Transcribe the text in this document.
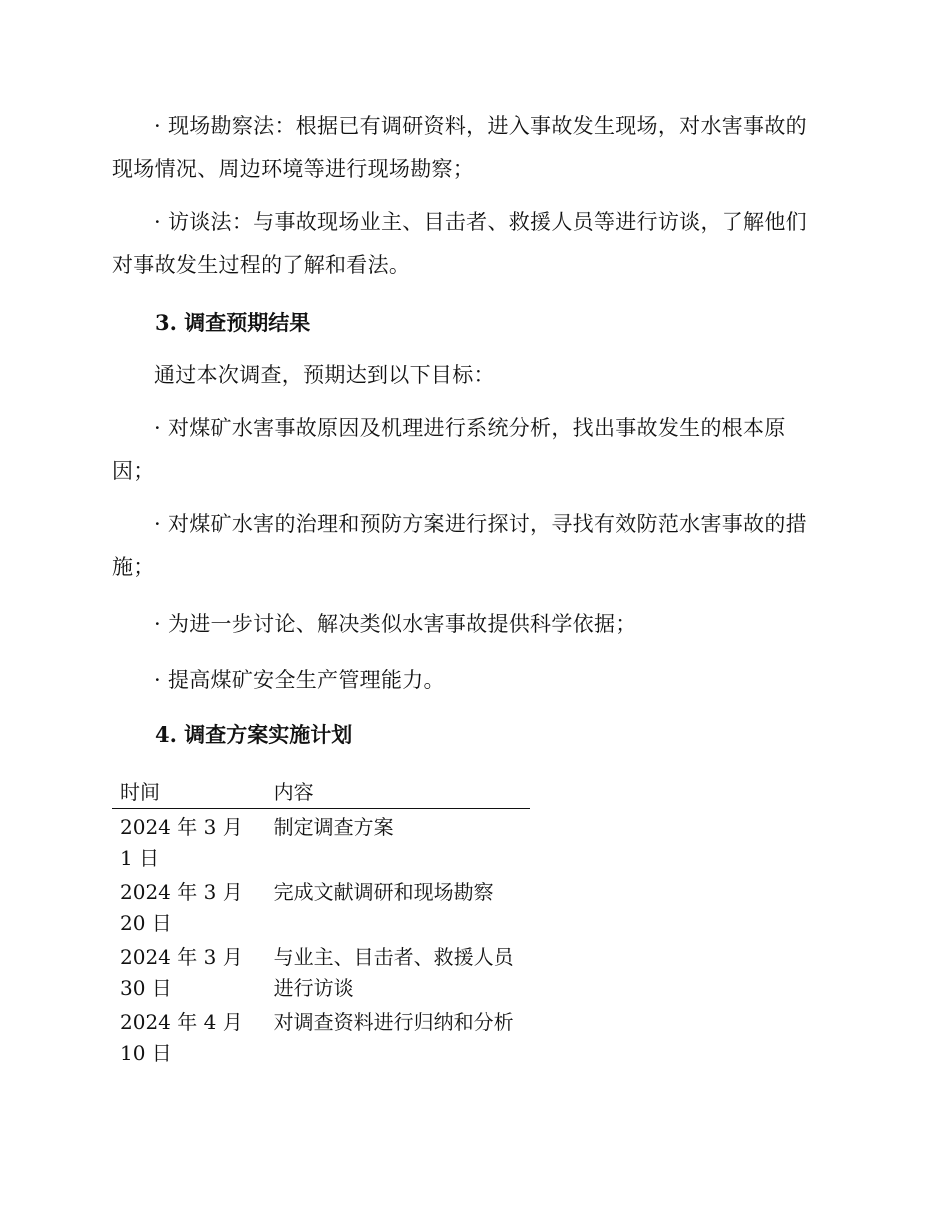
· 现场勘察法：根据已有调研资料，进入事故发生现场，对水害事故的现场情况、周边环境等进行现场勘察；

· 访谈法：与事故现场业主、目击者、救援人员等进行访谈，了解他们对事故发生过程的了解和看法。

3. 调查预期结果

通过本次调查，预期达到以下目标：

· 对煤矿水害事故原因及机理进行系统分析，找出事故发生的根本原因；

· 对煤矿水害的治理和预防方案进行探讨，寻找有效防范水害事故的措施；

· 为进一步讨论、解决类似水害事故提供科学依据；

· 提高煤矿安全生产管理能力。

4. 调查方案实施计划
时间	内容
2024 年 3 月 1 日	制定调查方案
2024 年 3 月 20 日	完成文献调研和现场勘察
2024 年 3 月 30 日	与业主、目击者、救援人员进行访谈
2024 年 4 月 10 日	对调查资料进行归纳和分析
